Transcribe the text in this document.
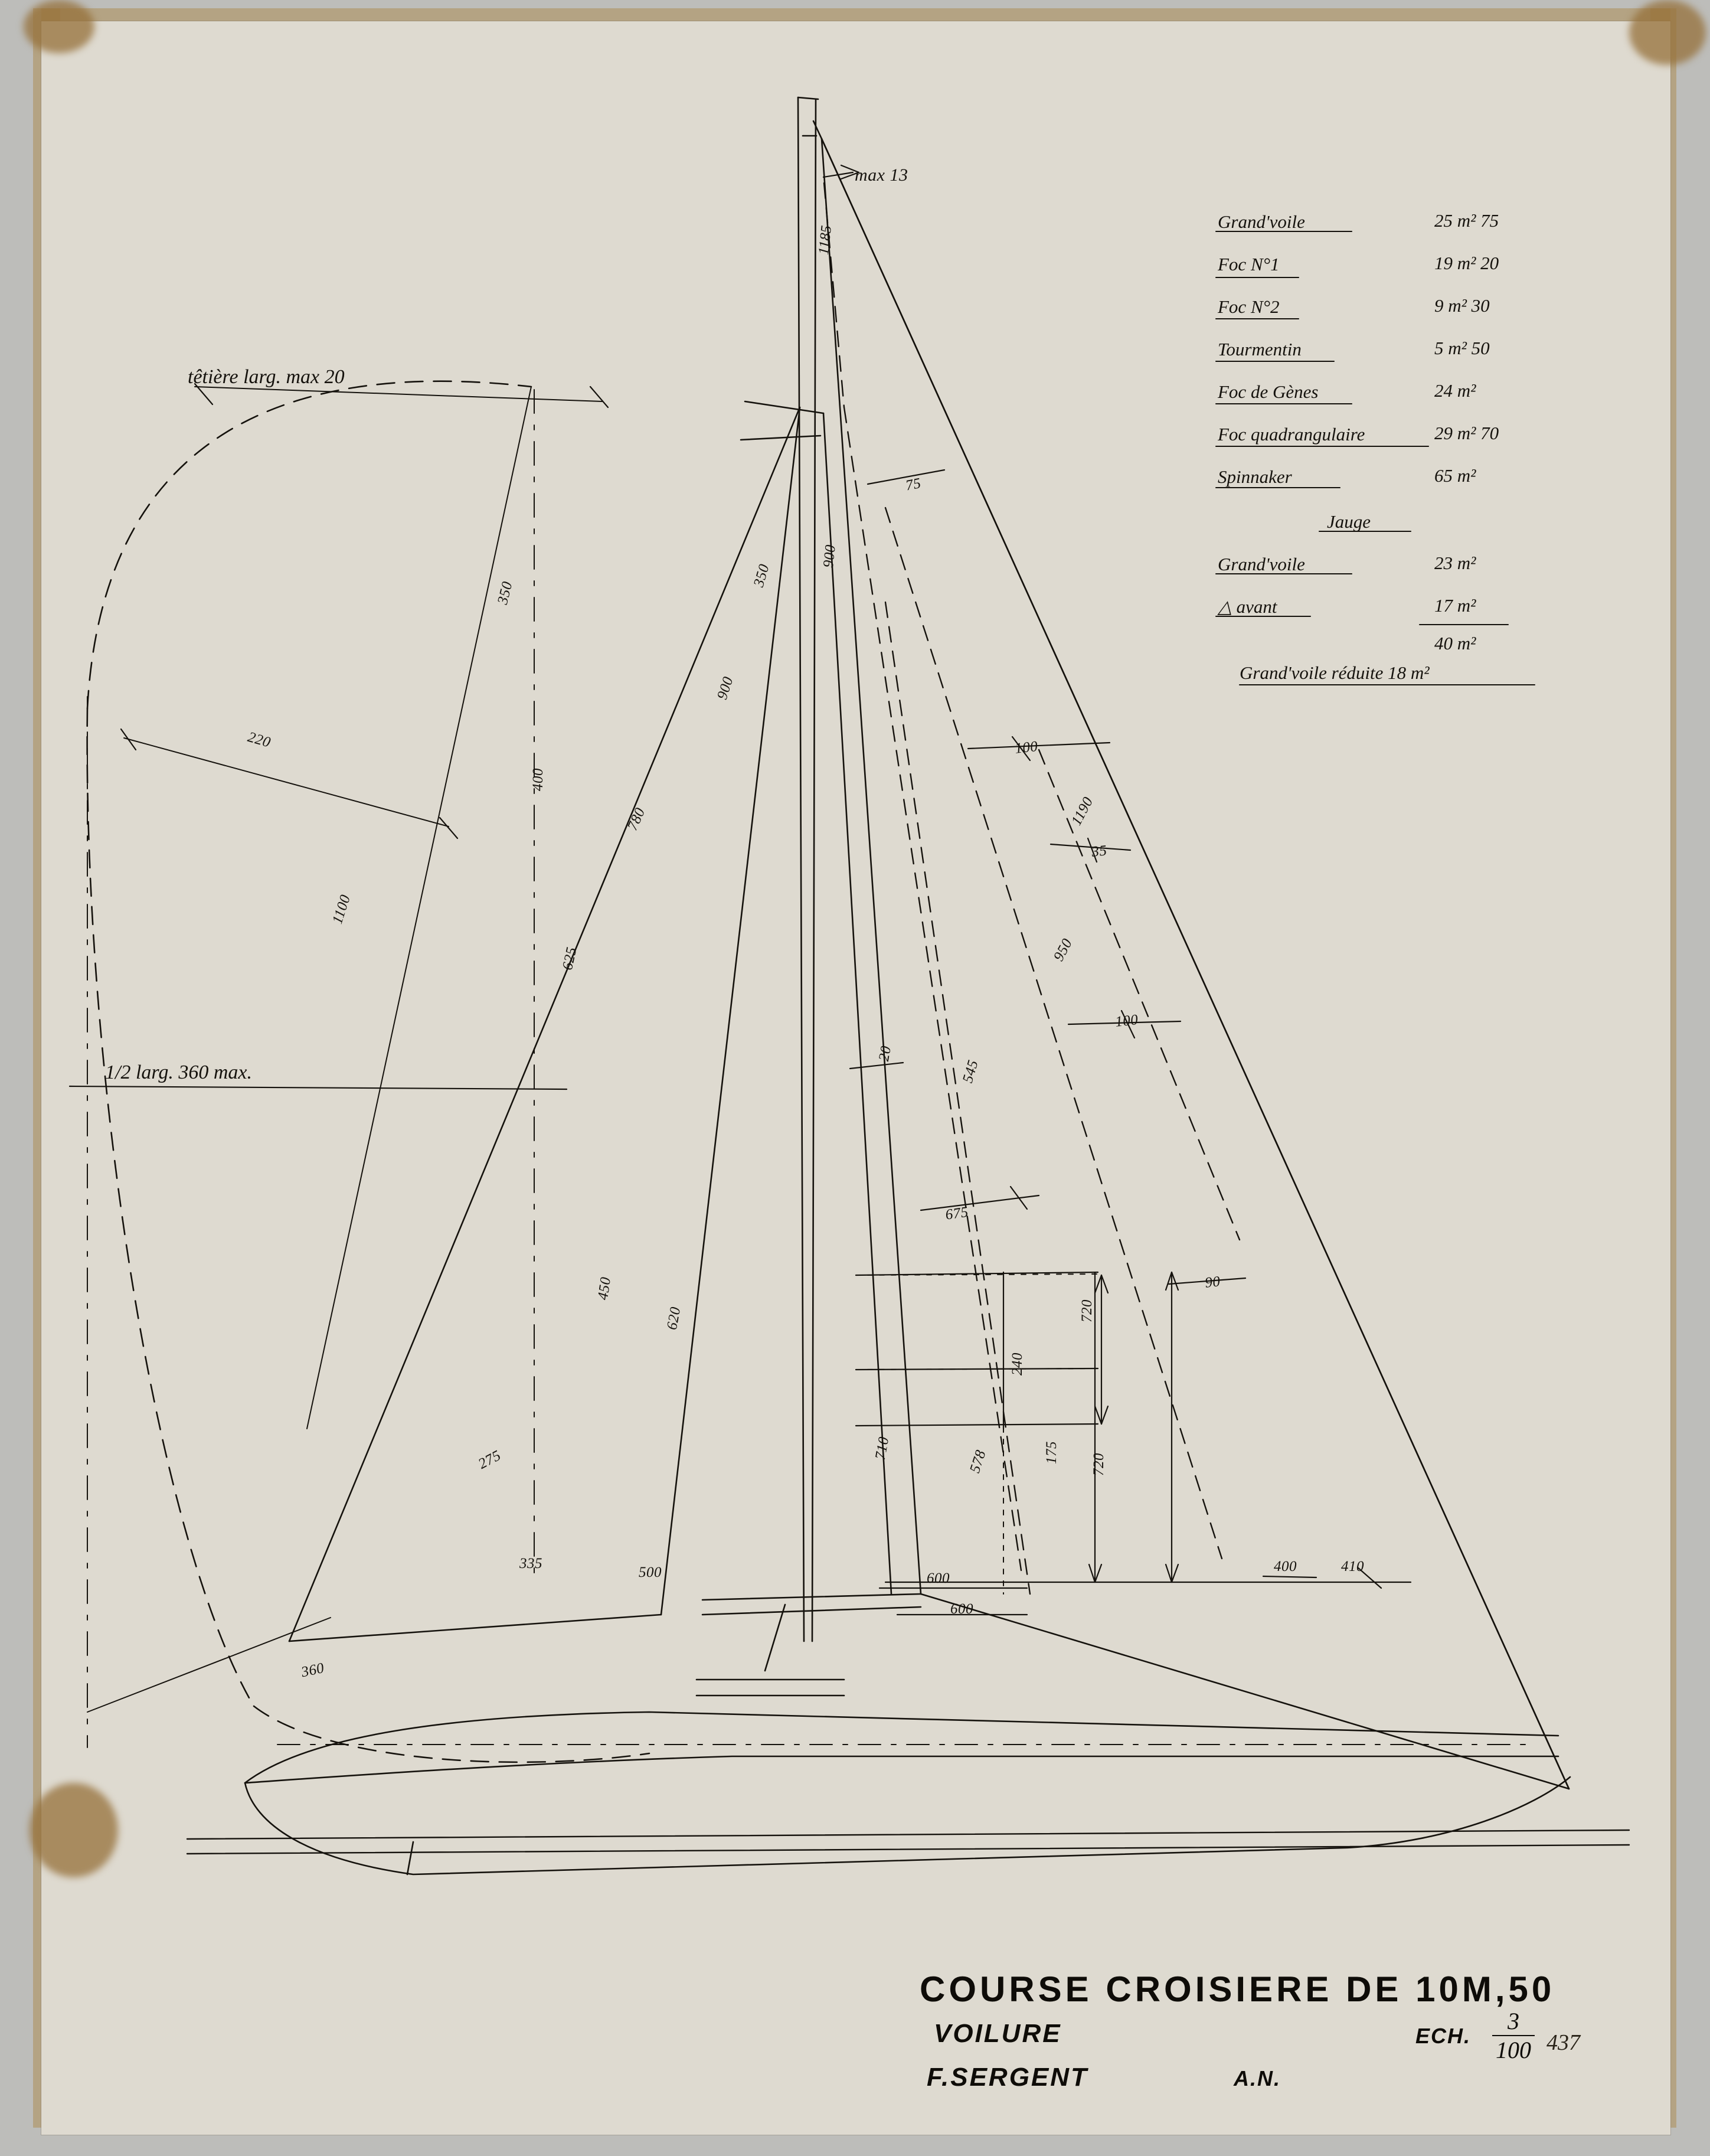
Grand'voile	25 m² 75
Foc N°1	19 m² 20
Foc N°2	9 m² 30
Tourmentin	5 m² 50
Foc de Gènes	24 m²
Foc quadrangulaire	29 m² 70
Spinnaker	65 m²
Jauge
Grand'voile	23 m²
△ avant	17 m²
40 m²
Grand'voile réduite 18 m²
têtière larg. max 20
1/2 larg. 360 max.
max 13
1185
900
350
900
75
100
1190
35
950
100
20
545
675
90
720
240
175
720
578
710
400	410
600
600
220
350
400
1100
780
625
450
620
275
335
500
360
COURSE CROISIERE DE 10M,50
VOILURE
F.SERGENT	A.N.
ECH. $\frac{3}{100} 437$
